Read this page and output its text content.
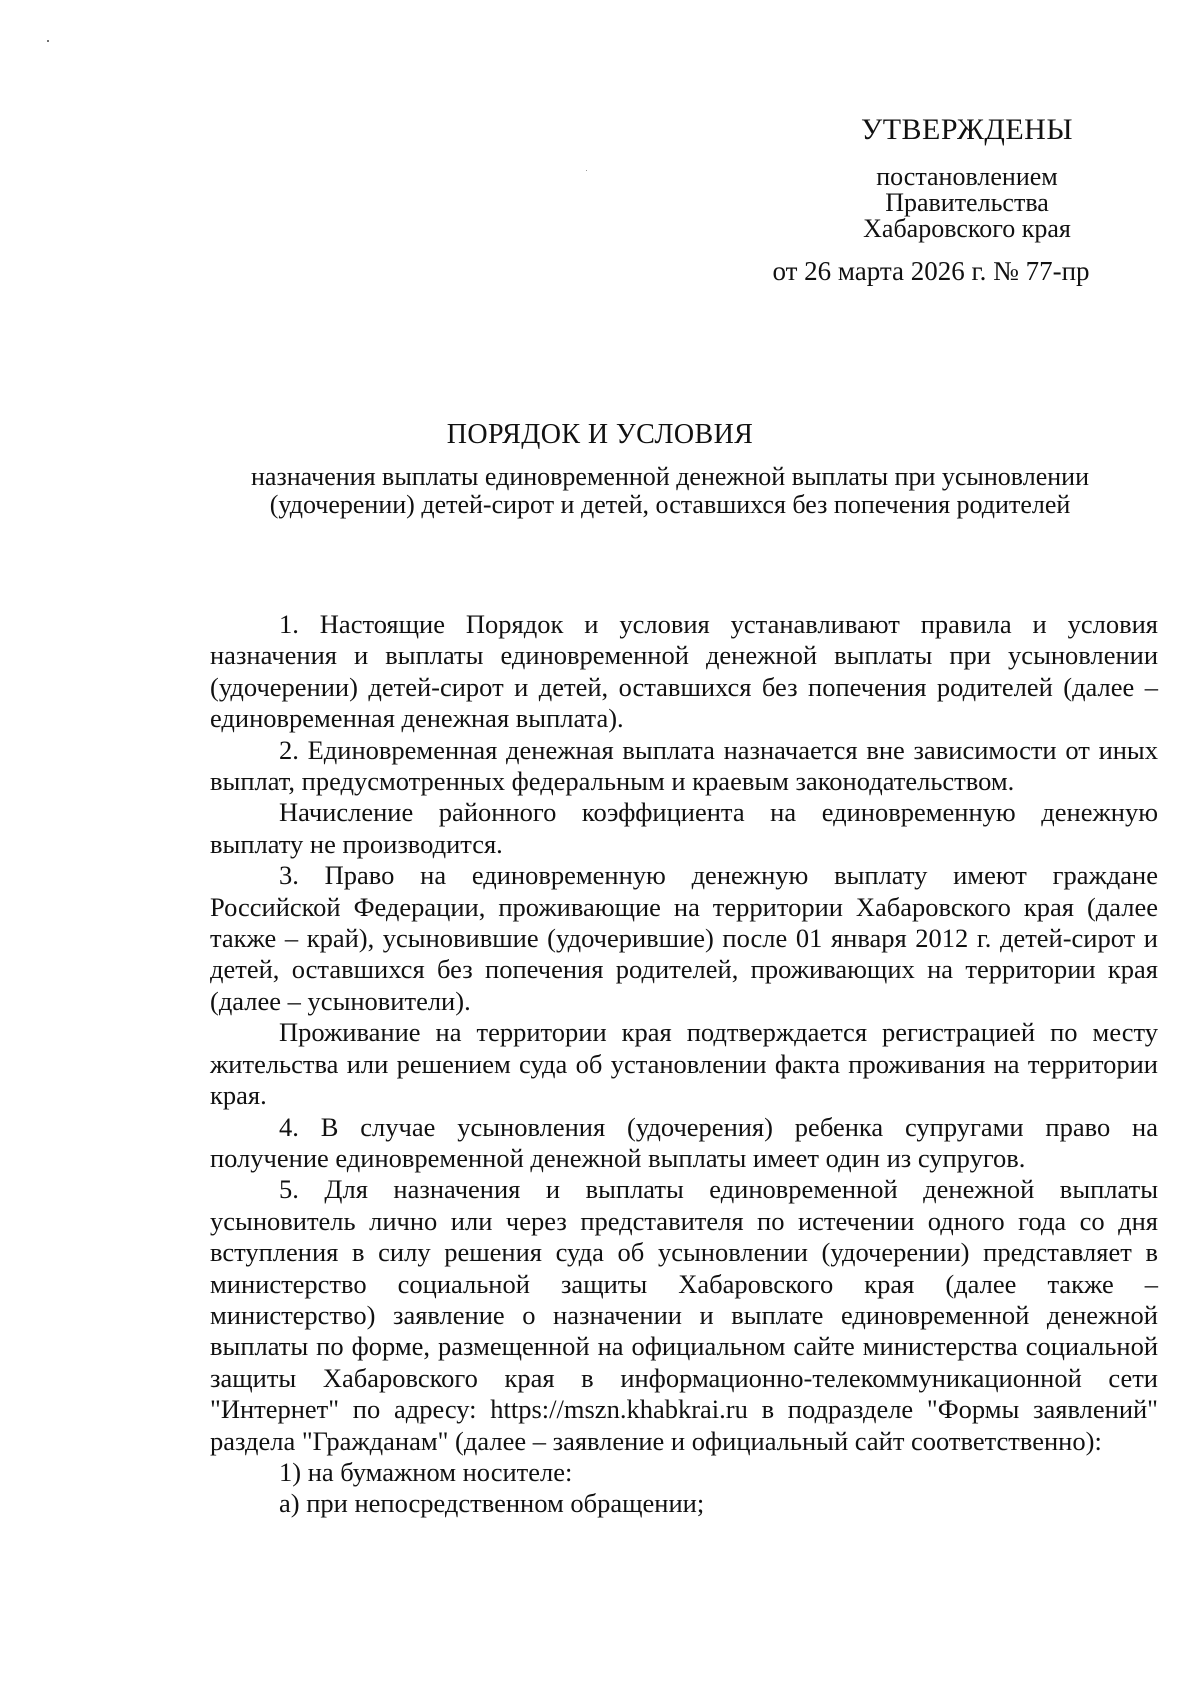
УТВЕРЖДЕНЫ
постановлением
Правительства
Хабаровского края
от 26 марта 2026 г. № 77-пр
ПОРЯДОК И УСЛОВИЯ
назначения выплаты единовременной денежной выплаты при усыновлении (удочерении) детей-сирот и детей, оставшихся без попечения родителей

1. Настоящие Порядок и условия устанавливают правила и условия назначения и выплаты единовременной денежной выплаты при усыновлении (удочерении) детей-сирот и детей, оставшихся без попечения родителей (далее – единовременная денежная выплата).

2. Единовременная денежная выплата назначается вне зависимости от иных выплат, предусмотренных федеральным и краевым законодательством.

Начисление районного коэффициента на единовременную денежную выплату не производится.

3. Право на единовременную денежную выплату имеют граждане Российской Федерации, проживающие на территории Хабаровского края (далее также – край), усыновившие (удочерившие) после 01 января 2012 г. детей-сирот и детей, оставшихся без попечения родителей, проживающих на территории края (далее – усыновители).

Проживание на территории края подтверждается регистрацией по месту жительства или решением суда об установлении факта проживания на территории края.

4. В случае усыновления (удочерения) ребенка супругами право на получение единовременной денежной выплаты имеет один из супругов.

5. Для назначения и выплаты единовременной денежной выплаты усыновитель лично или через представителя по истечении одного года со дня вступления в силу решения суда об усыновлении (удочерении) представляет в министерство социальной защиты Хабаровского края (далее также – министерство) заявление о назначении и выплате единовременной денежной выплаты по форме, размещенной на официальном сайте министерства социальной защиты Хабаровского края в информационно-телекоммуникационной сети "Интернет" по адресу: https://mszn.khabkrai.ru в подразделе "Формы заявлений" раздела "Гражданам" (далее – заявление и официальный сайт соответственно):

1) на бумажном носителе:

а) при непосредственном обращении;
